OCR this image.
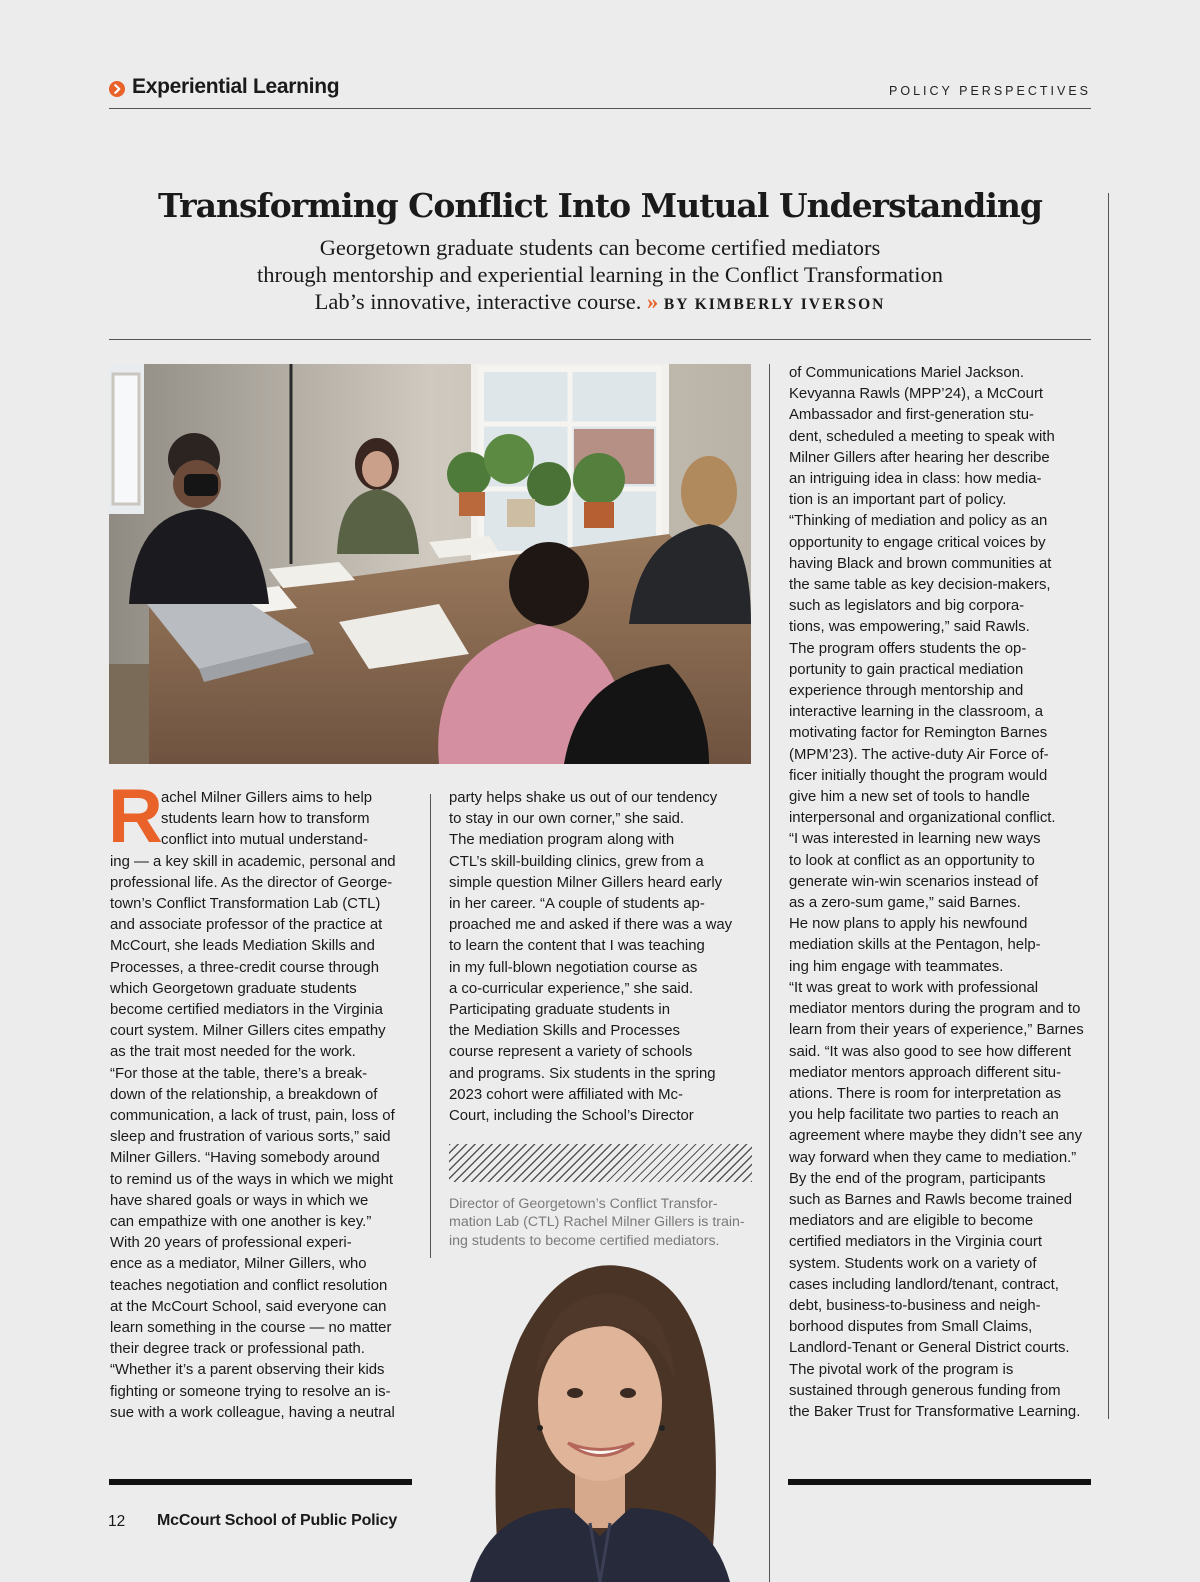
Experiential Learning	POLICY PERSPECTIVES
Transforming Conflict Into Mutual Understanding
Georgetown graduate students can become certified mediators
through mentorship and experiential learning in the Conflict Transformation
Lab’s innovative, interactive course. » BY KIMBERLY IVERSON
R

achel Milner Gillers aims to help

students learn how to transform

conflict into mutual understand-

ing — a key skill in academic, personal and

professional life. As the director of George-

town’s Conflict Transformation Lab (CTL)

and associate professor of the practice at

McCourt, she leads Mediation Skills and

Processes, a three-credit course through

which Georgetown graduate students

become certified mediators in the Virginia

court system. Milner Gillers cites empathy

as the trait most needed for the work.

“For those at the table, there’s a break-

down of the relationship, a breakdown of

communication, a lack of trust, pain, loss of

sleep and frustration of various sorts,” said

Milner Gillers. “Having somebody around

to remind us of the ways in which we might

have shared goals or ways in which we

can empathize with one another is key.”

With 20 years of professional experi-

ence as a mediator, Milner Gillers, who

teaches negotiation and conflict resolution

at the McCourt School, said everyone can

learn something in the course — no matter

their degree track or professional path.

“Whether it’s a parent observing their kids

fighting or someone trying to resolve an is-

sue with a work colleague, having a neutral

party helps shake us out of our tendency

to stay in our own corner,” she said.

The mediation program along with

CTL’s skill-building clinics, grew from a

simple question Milner Gillers heard early

in her career. “A couple of students ap-

proached me and asked if there was a way

to learn the content that I was teaching

in my full-blown negotiation course as

a co-curricular experience,” she said.

Participating graduate students in

the Mediation Skills and Processes

course represent a variety of schools

and programs. Six students in the spring

2023 cohort were affiliated with Mc-

Court, including the School’s Director

of Communications Mariel Jackson.

Kevyanna Rawls (MPP’24), a McCourt

Ambassador and first-generation stu-

dent, scheduled a meeting to speak with

Milner Gillers after hearing her describe

an intriguing idea in class: how media-

tion is an important part of policy.

“Thinking of mediation and policy as an

opportunity to engage critical voices by

having Black and brown communities at

the same table as key decision-makers,

such as legislators and big corpora-

tions, was empowering,” said Rawls.

The program offers students the op-

portunity to gain practical mediation

experience through mentorship and

interactive learning in the classroom, a

motivating factor for Remington Barnes

(MPM’23). The active-duty Air Force of-

ficer initially thought the program would

give him a new set of tools to handle

interpersonal and organizational conflict.

“I was interested in learning new ways

to look at conflict as an opportunity to

generate win-win scenarios instead of

as a zero-sum game,” said Barnes.

He now plans to apply his newfound

mediation skills at the Pentagon, help-

ing him engage with teammates.

“It was great to work with professional

mediator mentors during the program and to

learn from their years of experience,” Barnes

said. “It was also good to see how different

mediator mentors approach different situ-

ations. There is room for interpretation as

you help facilitate two parties to reach an

agreement where maybe they didn’t see any

way forward when they came to mediation.”

By the end of the program, participants

such as Barnes and Rawls become trained

mediators and are eligible to become

certified mediators in the Virginia court

system. Students work on a variety of

cases including landlord/tenant, contract,

debt, business-to-business and neigh-

borhood disputes from Small Claims,

Landlord-Tenant or General District courts.

The pivotal work of the program is

sustained through generous funding from

the Baker Trust for Transformative Learning.

Director of Georgetown’s Conflict Transfor-

mation Lab (CTL) Rachel Milner Gillers is train-

ing students to become certified mediators.

12 McCourt School of Public Policy
